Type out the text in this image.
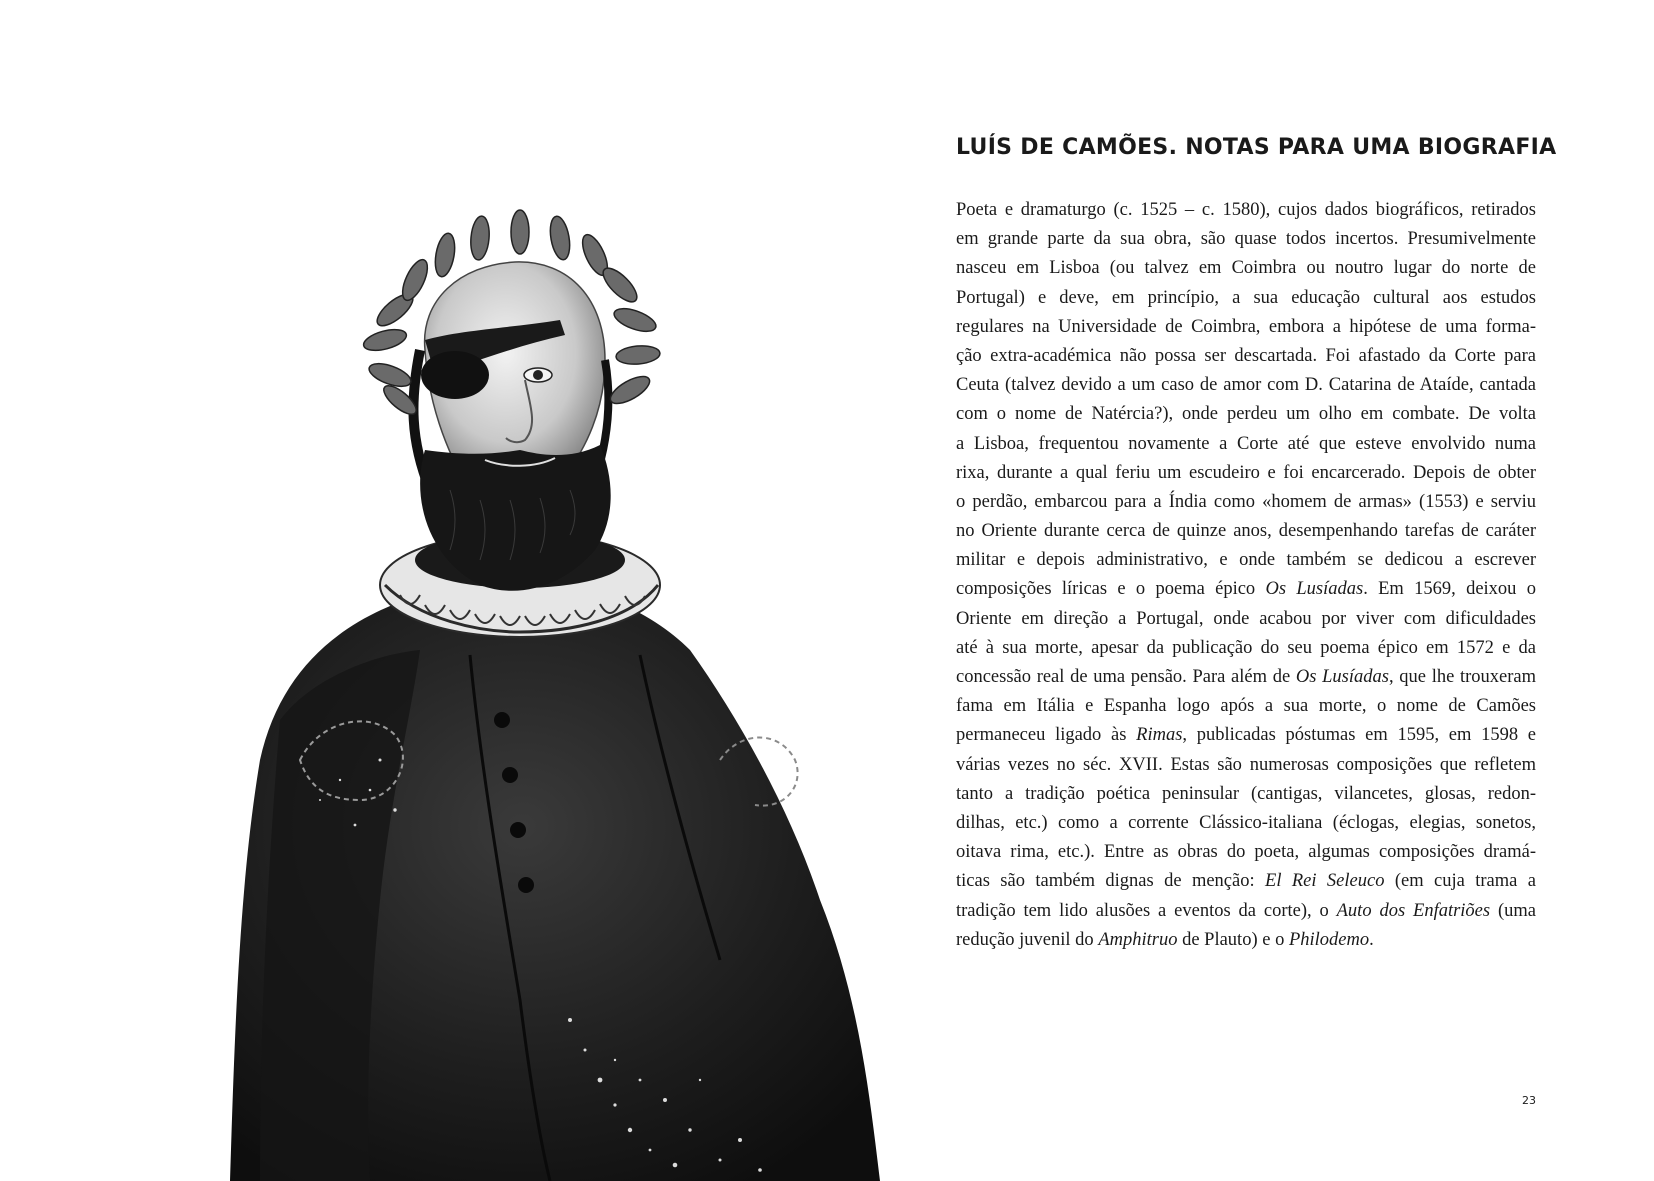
LUÍS DE CAMÕES. NOTAS PARA UMA BIOGRAFIA
Poeta e dramaturgo (c. 1525 – c. 1580), cujos dados biográficos, retirados
em grande parte da sua obra, são quase todos incertos. Presumivelmente
nasceu em Lisboa (ou talvez em Coimbra ou noutro lugar do norte de
Portugal) e deve, em princípio, a sua educação cultural aos estudos
regulares na Universidade de Coimbra, embora a hipótese de uma forma-
ção extra-académica não possa ser descartada. Foi afastado da Corte para
Ceuta (talvez devido a um caso de amor com D. Catarina de Ataíde, cantada
com o nome de Natércia?), onde perdeu um olho em combate. De volta
a Lisboa, frequentou novamente a Corte até que esteve envolvido numa
rixa, durante a qual feriu um escudeiro e foi encarcerado. Depois de obter
o perdão, embarcou para a Índia como «homem de armas» (1553) e serviu
no Oriente durante cerca de quinze anos, desempenhando tarefas de caráter
militar e depois administrativo, e onde também se dedicou a escrever
composições líricas e o poema épico Os Lusíadas. Em 1569, deixou o
Oriente em direção a Portugal, onde acabou por viver com dificuldades
até à sua morte, apesar da publicação do seu poema épico em 1572 e da
concessão real de uma pensão. Para além de Os Lusíadas, que lhe trouxeram
fama em Itália e Espanha logo após a sua morte, o nome de Camões
permaneceu ligado às Rimas, publicadas póstumas em 1595, em 1598 e
várias vezes no séc. XVII. Estas são numerosas composições que refletem
tanto a tradição poética peninsular (cantigas, vilancetes, glosas, redon-
dilhas, etc.) como a corrente Clássico-italiana (éclogas, elegias, sonetos,
oitava rima, etc.). Entre as obras do poeta, algumas composições dramá-
ticas são também dignas de menção: El Rei Seleuco (em cuja trama a
tradição tem lido alusões a eventos da corte), o Auto dos Enfatriões (uma
redução juvenil do Amphitruo de Plauto) e o Philodemo.
23
